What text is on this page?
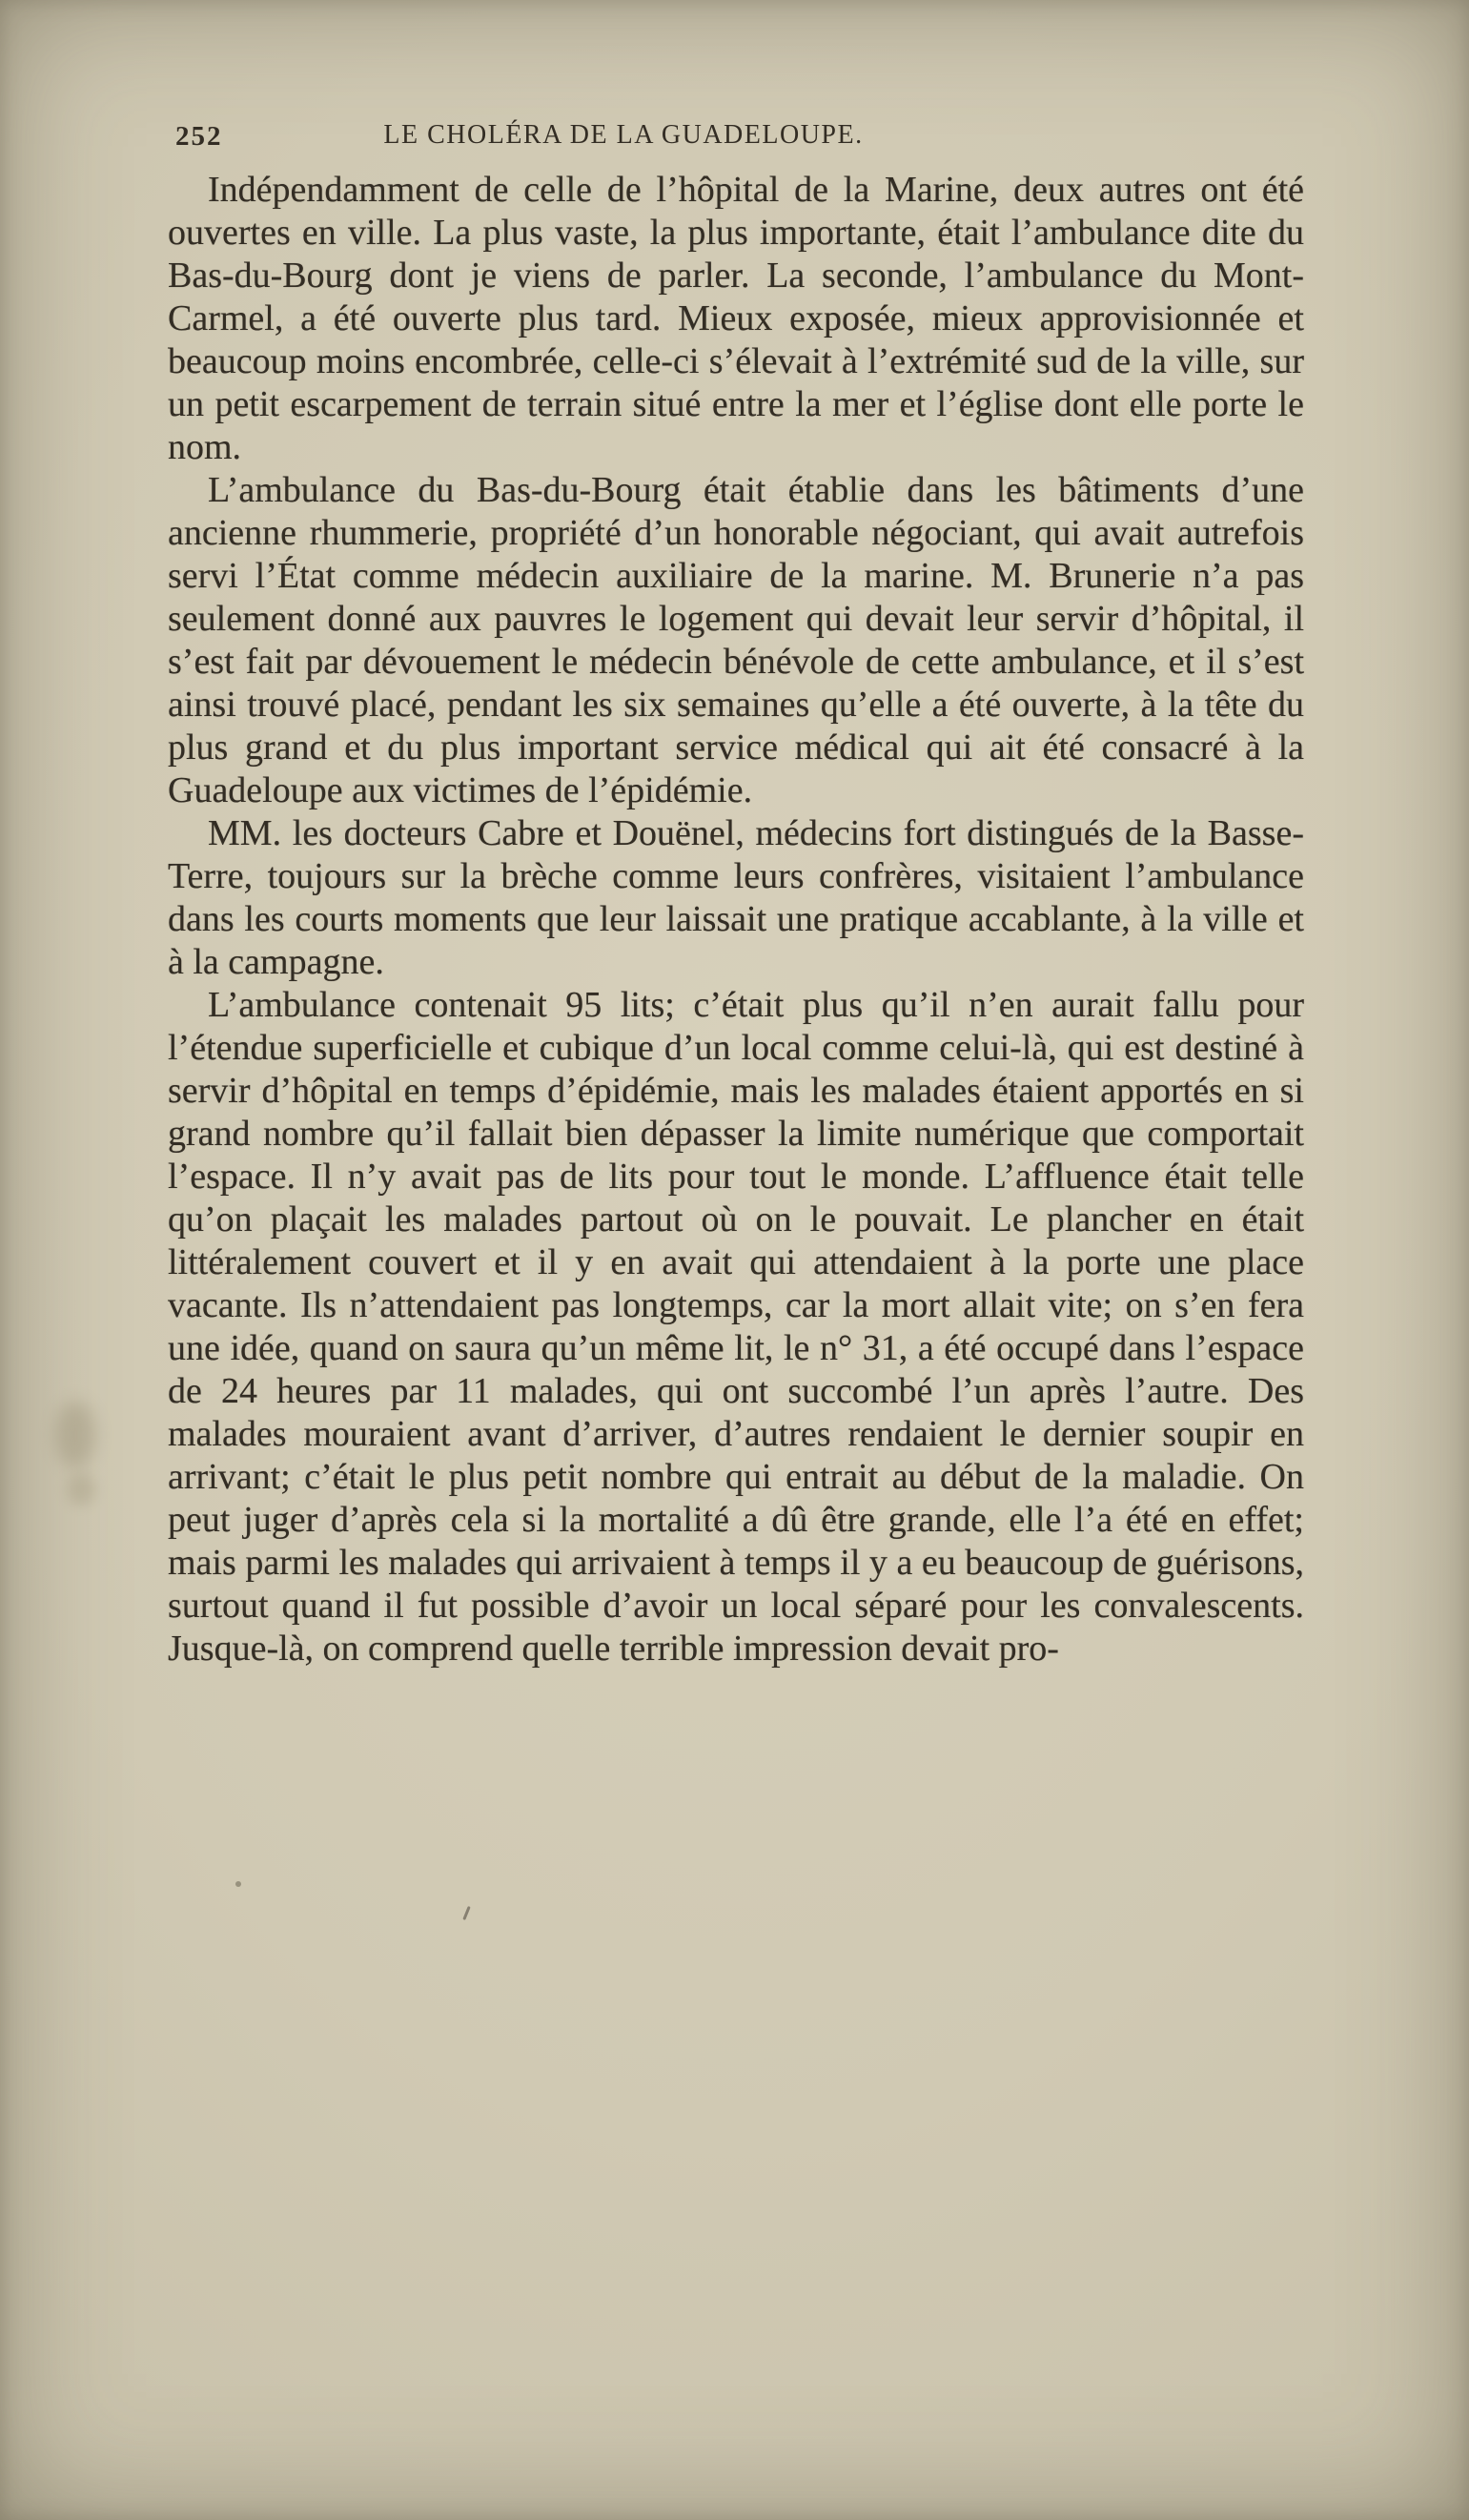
252	LE CHOLÉRA DE LA GUADELOUPE.

Indépendamment de celle de l’hôpital de la Marine, deux autres ont été ouvertes en ville. La plus vaste, la plus importante, était l’ambulance dite du Bas-du-Bourg dont je viens de parler. La seconde, l’ambulance du Mont-Carmel, a été ouverte plus tard. Mieux exposée, mieux approvisionnée et beaucoup moins encombrée, celle-ci s’élevait à l’extrémité sud de la ville, sur un petit escarpement de terrain situé entre la mer et l’église dont elle porte le nom.

L’ambulance du Bas-du-Bourg était établie dans les bâtiments d’une ancienne rhummerie, propriété d’un honorable négociant, qui avait autrefois servi l’État comme médecin auxiliaire de la marine. M. Brunerie n’a pas seulement donné aux pauvres le logement qui devait leur servir d’hôpital, il s’est fait par dévouement le médecin bénévole de cette ambulance, et il s’est ainsi trouvé placé, pendant les six semaines qu’elle a été ouverte, à la tête du plus grand et du plus important service médical qui ait été consacré à la Guadeloupe aux victimes de l’épidémie.

MM. les docteurs Cabre et Douënel, médecins fort distingués de la Basse-Terre, toujours sur la brèche comme leurs confrères, visitaient l’ambulance dans les courts moments que leur laissait une pratique accablante, à la ville et à la campagne.

L’ambulance contenait 95 lits; c’était plus qu’il n’en aurait fallu pour l’étendue superficielle et cubique d’un local comme celui-là, qui est destiné à servir d’hôpital en temps d’épidémie, mais les malades étaient apportés en si grand nombre qu’il fallait bien dépasser la limite numérique que comportait l’espace. Il n’y avait pas de lits pour tout le monde. L’affluence était telle qu’on plaçait les malades partout où on le pouvait. Le plancher en était littéralement couvert et il y en avait qui attendaient à la porte une place vacante. Ils n’attendaient pas longtemps, car la mort allait vite; on s’en fera une idée, quand on saura qu’un même lit, le n° 31, a été occupé dans l’espace de 24 heures par 11 malades, qui ont succombé l’un après l’autre. Des malades mouraient avant d’arriver, d’autres rendaient le dernier soupir en arrivant; c’était le plus petit nombre qui entrait au début de la maladie. On peut juger d’après cela si la mortalité a dû être grande, elle l’a été en effet; mais parmi les malades qui arrivaient à temps il y a eu beaucoup de guérisons, surtout quand il fut possible d’avoir un local séparé pour les convalescents. Jusque-là, on comprend quelle terrible impression devait pro-
